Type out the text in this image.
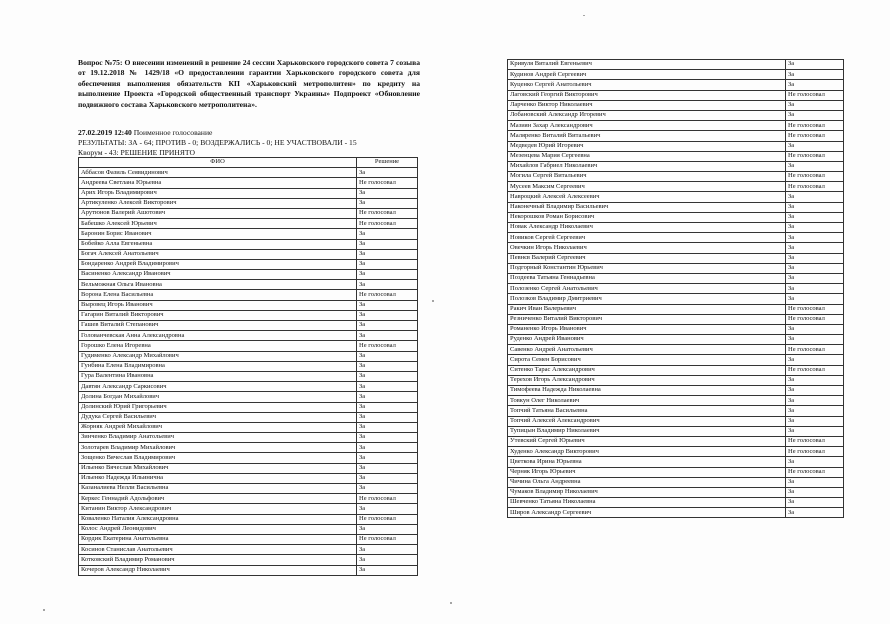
Вопрос №75: О внесении изменений в решение 24 сессии Харьковского городского совета 7 созыва от 19.12.2018 № 1429/18 «О предоставлении гарантии Харьковского городского совета для обеспечения выполнения обязательств КП «Харьковский метрополитен» по кредиту на выполнение Проекта «Городской общественный транспорт Украины» Подпроект «Обновление подвижного состава Харьковского метрополитена».
27.02.2019 12:40 Поименное голосование
РЕЗУЛЬТАТЫ: ЗА - 64; ПРОТИВ - 0; ВОЗДЕРЖАЛИСЬ - 0; НЕ УЧАСТВОВАЛИ - 15
Кворум - 43: РЕШЕНИЕ ПРИНЯТО
ФИО	Решение
Аббасов Фазиль Сеявидинович	За
Андреева Светлана Юрьевна	Не голосовал
Арих Игорь Владимирович	За
Артикуленко Алексей Викторович	За
Арутюнов Валерий Ашотович	Не голосовал
Бабешко Алексей Юрьевич	Не голосовал
Баронин Борис Иванович	За
Бобейко Алла Евгеньевна	За
Богач Алексей Анатольевич	За
Бондаренко Андрей Владимирович	За
Васиненко Александр Иванович	За
Вельможная Ольга Ивановна	За
Ворона Елена Васильевна	Не голосовал
Выровец Игорь Иванович	За
Гагарин Виталий Викторович	За
Гашев Виталий Степанович	За
Голованчевская Анна Александровна	За
Горошко Елена Игоревна	Не голосовал
Гудименко Александр Михайлович	За
Гунбина Елена Владимировна	За
Гура Валентина Ивановна	За
Давтян Александр Саркисович	За
Долина Богдан Михайлович	За
Долинский Юрий Григорьевич	За
Дудука Сергей Васильевич	За
Жорняк Андрей Михайлович	За
Зинченко Владимир Анатольевич	За
Золотарев Владимир Михайлович	За
Зощенко Вячеслав Владимирович	За
Ильенко Вячеслав Михайлович	За
Ильенко Надежда Ильинична	За
Казаналиева Нелли Васильевна	За
Керкес Геннадий Адольфович	Не голосовал
Китанин Виктор Александрович	За
Коваленко Наталия Александровна	Не голосовал
Колос Андрей Леонидович	За
Кордик Екатерина Анатольевна	Не голосовал
Косинов Станислав Анатольевич	За
Котковский Владимир Романович	За
Кочеров Александр Николаевич	За
Кривуля Виталий Евгеньевич	За
Кудинов Андрей Сергеевич	За
Куценко Сергей Анатольевич	За
Лаговский Георгий Викторович	Не голосовал
Ларченко Виктор Николаевич	За
Лобановский Александр Игоревич	За
Мазиян Захар Александрович	Не голосовал
Маляренко Виталий Витальевич	Не голосовал
Медведев Юрий Игоревич	За
Мезенцева Мария Сергеевна	Не голосовал
Михайлов Габриел Николаевич	За
Могила Сергей Витальевич	Не голосовал
Мусеев Максим Сергеевич	Не голосовал
Навроцкий Алексей Алексеевич	За
Наконечный Владимир Васильевич	За
Некорошков Роман Борисович	За
Новак Александр Николаевич	За
Новиков Сергей Сергеевич	За
Овечкин Игорь Николаевич	За
Певнєв Валерий Сергеевич	За
Подгорный Константин Юрьевич	За
Поздеева Татьяна Геннадьевна	За
Полозенко Сергей Анатольевич	За
Полозков Владимир Дмитриевич	За
Ракич Иван Валерьевич	Не голосовал
Резниченко Виталий Викторович	Не голосовал
Романенко Игорь Иванович	За
Руденко Андрей Иванович	За
Савенко Андрей Анатольевич	Не голосовал
Сирота Семен Борисович	За
Ситенко Тарас Александрович	Не голосовал
Терехов Игорь Александрович	За
Тимофеева Надежда Николаевна	За
Товкун Олег Николаевич	За
Топчий Татьяна Васильевна	За
Топчий Алексей Александрович	За
Тупицын Владимир Николаевич	За
Утевский Сергей Юрьевич	Не голосовал
Худенко Александр Викторович	Не голосовал
Цветкова Ирина Юрьевна	За
Черняк Игорь Юрьевич	Не голосовал
Чичина Ольга Андреевна	За
Чумаков Владимир Николаевич	За
Шевченко Татьяна Николаевна	За
Шиpов Александр Сергеевич	За
